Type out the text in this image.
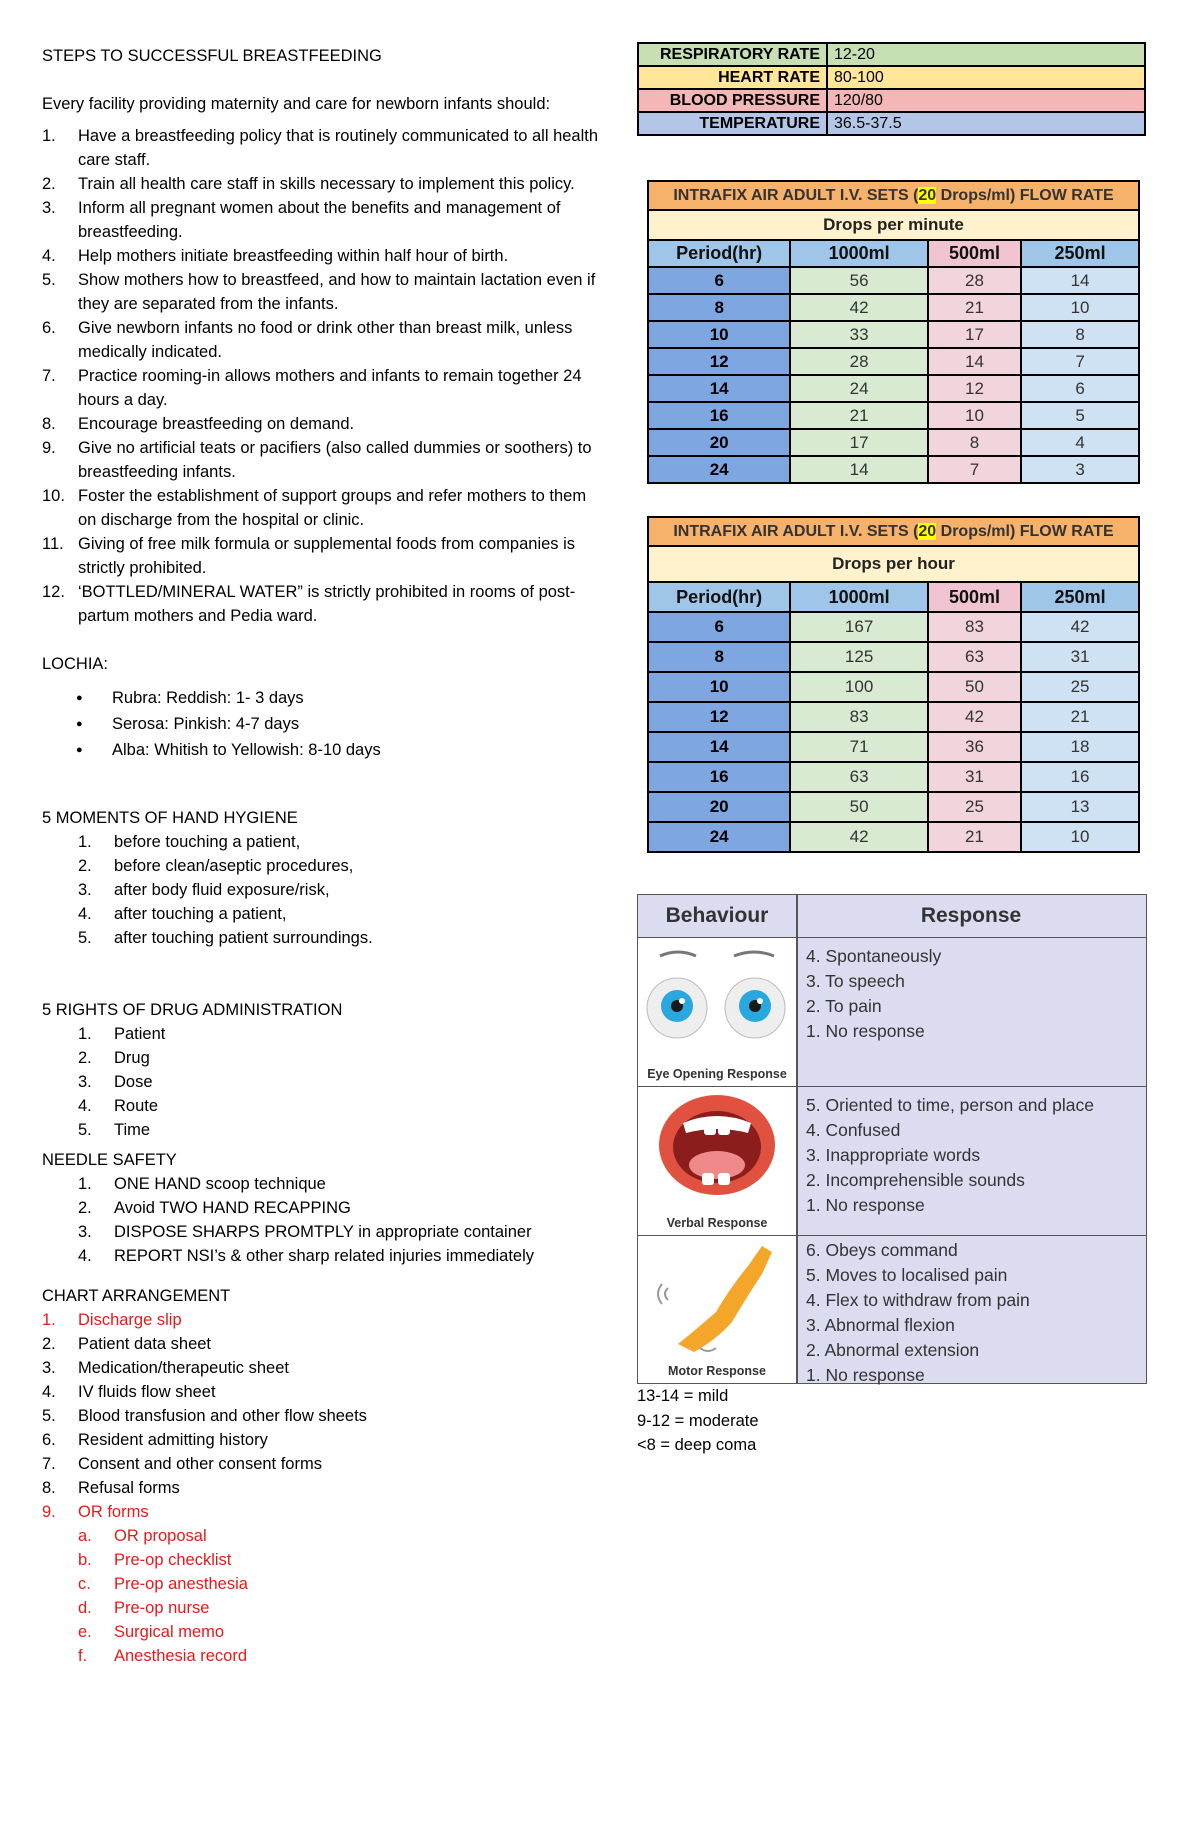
STEPS TO SUCCESSFUL BREASTFEEDING
Every facility providing maternity and care for newborn infants should:
1. Have a breastfeeding policy that is routinely communicated to all health care staff.
2. Train all health care staff in skills necessary to implement this policy.
3. Inform all pregnant women about the benefits and management of breastfeeding.
4. Help mothers initiate breastfeeding within half hour of birth.
5. Show mothers how to breastfeed, and how to maintain lactation even if they are separated from the infants.
6. Give newborn infants no food or drink other than breast milk, unless medically indicated.
7. Practice rooming-in allows mothers and infants to remain together 24 hours a day.
8. Encourage breastfeeding on demand.
9. Give no artificial teats or pacifiers (also called dummies or soothers) to breastfeeding infants.
10. Foster the establishment of support groups and refer mothers to them on discharge from the hospital or clinic.
11. Giving of free milk formula or supplemental foods from companies is strictly prohibited.
12. ‘BOTTLED/MINERAL WATER” is strictly prohibited in rooms of post-partum mothers and Pedia ward.
LOCHIA:
● Rubra: Reddish: 1- 3 days
● Serosa: Pinkish: 4-7 days
● Alba: Whitish to Yellowish: 8-10 days
5 MOMENTS OF HAND HYGIENE
1. before touching a patient,
2. before clean/aseptic procedures,
3. after body fluid exposure/risk,
4. after touching a patient,
5. after touching patient surroundings.
5 RIGHTS OF DRUG ADMINISTRATION
1. Patient
2. Drug
3. Dose
4. Route
5. Time
NEEDLE SAFETY
1. ONE HAND scoop technique
2. Avoid TWO HAND RECAPPING
3. DISPOSE SHARPS PROMTPLY in appropriate container
4. REPORT NSI’s & other sharp related injuries immediately
CHART ARRANGEMENT
1. Discharge slip
2. Patient data sheet
3. Medication/therapeutic sheet
4. IV fluids flow sheet
5. Blood transfusion and other flow sheets
6. Resident admitting history
7. Consent and other consent forms
8. Refusal forms
9. OR forms
a. OR proposal
b. Pre-op checklist
c. Pre-op anesthesia
d. Pre-op nurse
e. Surgical memo
f. Anesthesia record
RESPIRATORY RATE	12-20
HEART RATE	80-100
BLOOD PRESSURE	120/80
TEMPERATURE	36.5-37.5
INTRAFIX AIR ADULT I.V. SETS (20 Drops/ml) FLOW RATE
Drops per minute
Period(hr)	1000ml	500ml	250ml
6	56	28	14
8	42	21	10
10	33	17	8
12	28	14	7
14	24	12	6
16	21	10	5
20	17	8	4
24	14	7	3
INTRAFIX AIR ADULT I.V. SETS (20 Drops/ml) FLOW RATE
Drops per hour
Period(hr)	1000ml	500ml	250ml
6	167	83	42
8	125	63	31
10	100	50	25
12	83	42	21
14	71	36	18
16	63	31	16
20	50	25	13
24	42	21	10
Behaviour	Response
Eye Opening Response
4. Spontaneously
3. To speech
2. To pain
1. No response
Verbal Response
5. Oriented to time, person and place
4. Confused
3. Inappropriate words
2. Incomprehensible sounds
1. No response
Motor Response
6. Obeys command
5. Moves to localised pain
4. Flex to withdraw from pain
3. Abnormal flexion
2. Abnormal extension
1. No response
13-14 = mild
9-12 = moderate
<8 = deep coma
